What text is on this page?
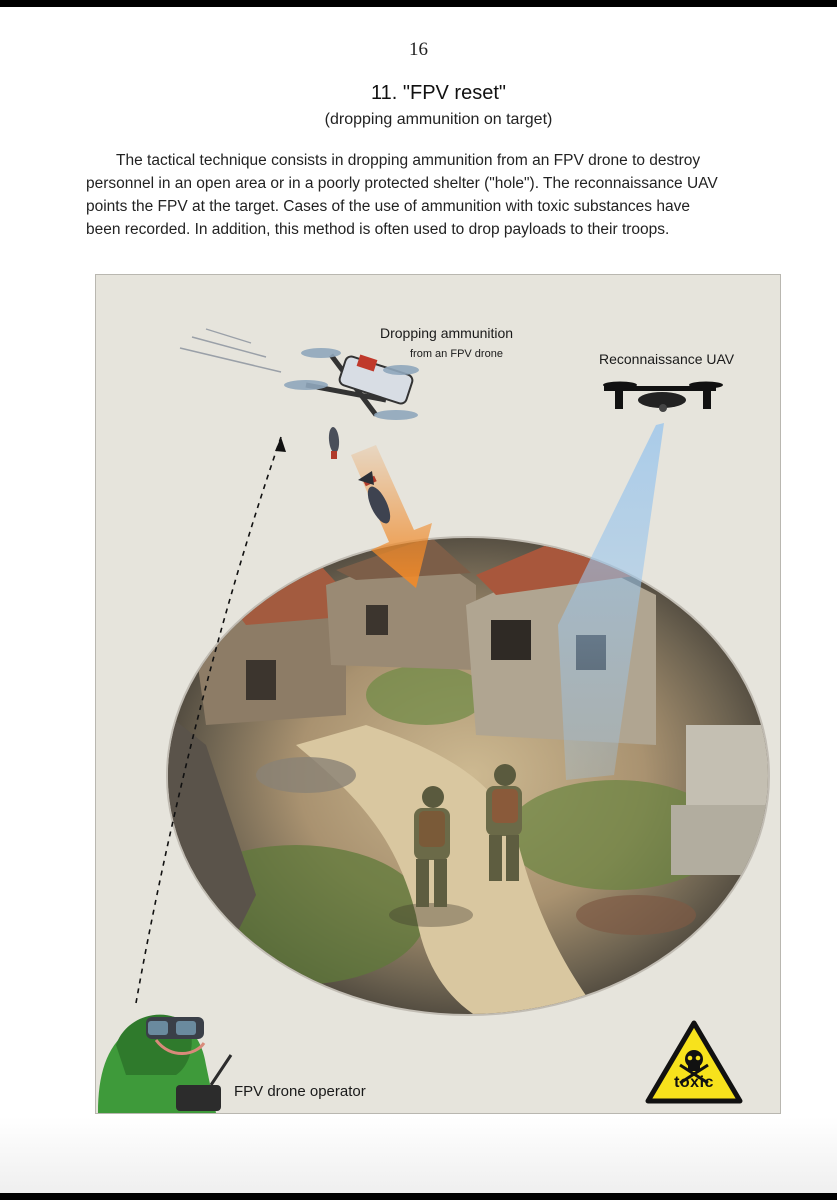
16
11. "FPV reset"
(dropping ammunition on target)

The tactical technique consists in dropping ammunition from an FPV drone to destroy personnel in an open area or in a poorly protected shelter ("hole"). The reconnaissance UAV points the FPV at the target. Cases of the use of ammunition with toxic substances have been recorded. In addition, this method is often used to drop payloads to their troops.

Dropping ammunition
from an FPV drone	Reconnaissance UAV
FPV drone operator
toxic
